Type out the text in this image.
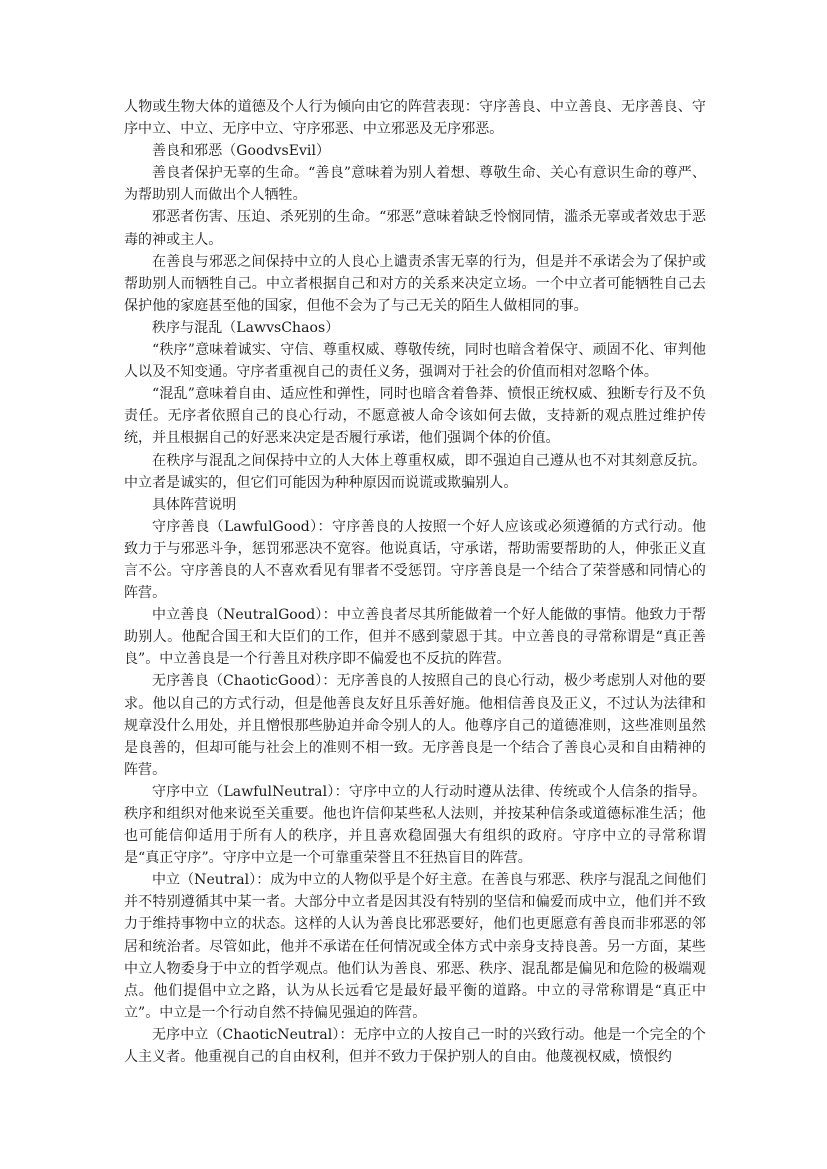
人物或生物大体的道德及个人行为倾向由它的阵营表现：守序善良、中立善良、无序善良、守序中立、中立、无序中立、守序邪恶、中立邪恶及无序邪恶。

善良和邪恶（GoodvsEvil）

善良者保护无辜的生命。“善良”意味着为别人着想、尊敬生命、关心有意识生命的尊严、为帮助别人而做出个人牺牲。

邪恶者伤害、压迫、杀死别的生命。“邪恶”意味着缺乏怜悯同情，滥杀无辜或者效忠于恶毒的神或主人。

在善良与邪恶之间保持中立的人良心上谴责杀害无辜的行为，但是并不承诺会为了保护或帮助别人而牺牲自己。中立者根据自己和对方的关系来决定立场。一个中立者可能牺牲自己去保护他的家庭甚至他的国家，但他不会为了与己无关的陌生人做相同的事。

秩序与混乱（LawvsChaos）

“秩序”意味着诚实、守信、尊重权威、尊敬传统，同时也暗含着保守、顽固不化、审判他人以及不知变通。守序者重视自己的责任义务，强调对于社会的价值而相对忽略个体。

“混乱”意味着自由、适应性和弹性，同时也暗含着鲁莽、愤恨正统权威、独断专行及不负责任。无序者依照自己的良心行动，不愿意被人命令该如何去做，支持新的观点胜过维护传统，并且根据自己的好恶来决定是否履行承诺，他们强调个体的价值。

在秩序与混乱之间保持中立的人大体上尊重权威，即不强迫自己遵从也不对其刻意反抗。中立者是诚实的，但它们可能因为种种原因而说谎或欺骗别人。

具体阵营说明

守序善良（LawfulGood）：守序善良的人按照一个好人应该或必须遵循的方式行动。他致力于与邪恶斗争，惩罚邪恶决不宽容。他说真话，守承诺，帮助需要帮助的人，伸张正义直言不公。守序善良的人不喜欢看见有罪者不受惩罚。守序善良是一个结合了荣誉感和同情心的阵营。

中立善良（NeutralGood）：中立善良者尽其所能做着一个好人能做的事情。他致力于帮助别人。他配合国王和大臣们的工作，但并不感到蒙恩于其。中立善良的寻常称谓是“真正善良”。中立善良是一个行善且对秩序即不偏爱也不反抗的阵营。

无序善良（ChaoticGood）：无序善良的人按照自己的良心行动，极少考虑别人对他的要求。他以自己的方式行动，但是他善良友好且乐善好施。他相信善良及正义，不过认为法律和规章没什么用处，并且憎恨那些胁迫并命令别人的人。他尊序自己的道德准则，这些准则虽然是良善的，但却可能与社会上的准则不相一致。无序善良是一个结合了善良心灵和自由精神的阵营。

守序中立（LawfulNeutral）：守序中立的人行动时遵从法律、传统或个人信条的指导。秩序和组织对他来说至关重要。他也许信仰某些私人法则，并按某种信条或道德标准生活；他也可能信仰适用于所有人的秩序，并且喜欢稳固强大有组织的政府。守序中立的寻常称谓是“真正守序”。守序中立是一个可靠重荣誉且不狂热盲目的阵营。

中立（Neutral）：成为中立的人物似乎是个好主意。在善良与邪恶、秩序与混乱之间他们并不特别遵循其中某一者。大部分中立者是因其没有特别的坚信和偏爱而成中立，他们并不致力于维持事物中立的状态。这样的人认为善良比邪恶要好，他们也更愿意有善良而非邪恶的邻居和统治者。尽管如此，他并不承诺在任何情况或全体方式中亲身支持良善。另一方面，某些中立人物委身于中立的哲学观点。他们认为善良、邪恶、秩序、混乱都是偏见和危险的极端观点。他们提倡中立之路，认为从长远看它是最好最平衡的道路。中立的寻常称谓是“真正中立”。中立是一个行动自然不持偏见强迫的阵营。

无序中立（ChaoticNeutral）：无序中立的人按自己一时的兴致行动。他是一个完全的个人主义者。他重视自己的自由权利，但并不致力于保护别人的自由。他蔑视权威，愤恨约
